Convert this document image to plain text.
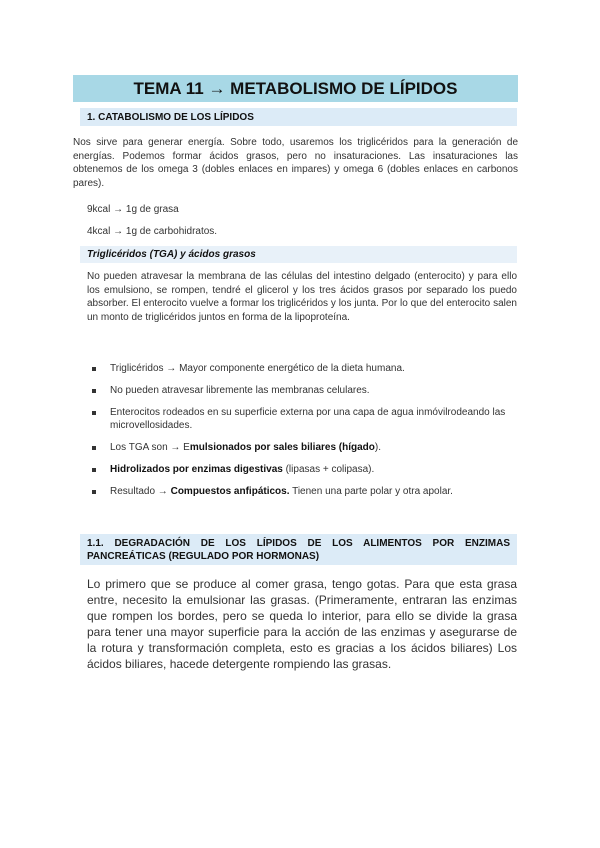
TEMA 11 → METABOLISMO DE LÍPIDOS
1. CATABOLISMO DE LOS LÍPIDOS

Nos sirve para generar energía. Sobre todo, usaremos los triglicéridos para la generación de energías. Podemos formar ácidos grasos, pero no insaturaciones. Las insaturaciones las obtenemos de los omega 3 (dobles enlaces en impares) y omega 6 (dobles enlaces en carbonos pares).

9kcal → 1g de grasa
4kcal → 1g de carbohidratos.
Triglicéridos (TGA) y ácidos grasos

No pueden atravesar la membrana de las células del intestino delgado (enterocito) y para ello los emulsiono, se rompen, tendré el glicerol y los tres ácidos grasos por separado los puedo absorber. El enterocito vuelve a formar los triglicéridos y los junta. Por lo que del enterocito salen un monto de triglicéridos juntos en forma de la lipoproteína.

Triglicéridos → Mayor componente energético de la dieta humana.
No pueden atravesar libremente las membranas celulares.
Enterocitos rodeados en su superficie externa por una capa de agua inmóvilrodeando las microvellosidades.
Los TGA son → Emulsionados por sales biliares (hígado).
Hidrolizados por enzimas digestivas (lipasas + colipasa).
Resultado → Compuestos anfipáticos. Tienen una parte polar y otra apolar.
1.1. DEGRADACIÓN DE LOS LÍPIDOS DE LOS ALIMENTOS POR ENZIMAS PANCREÁTICAS (REGULADO POR HORMONAS)

Lo primero que se produce al comer grasa, tengo gotas. Para que esta grasa entre, necesito la emulsionar las grasas. (Primeramente, entraran las enzimas que rompen los bordes, pero se queda lo interior, para ello se divide la grasa para tener una mayor superficie para la acción de las enzimas y asegurarse de la rotura y transformación completa, esto es gracias a los ácidos biliares) Los ácidos biliares, hacede detergente rompiendo las grasas.
